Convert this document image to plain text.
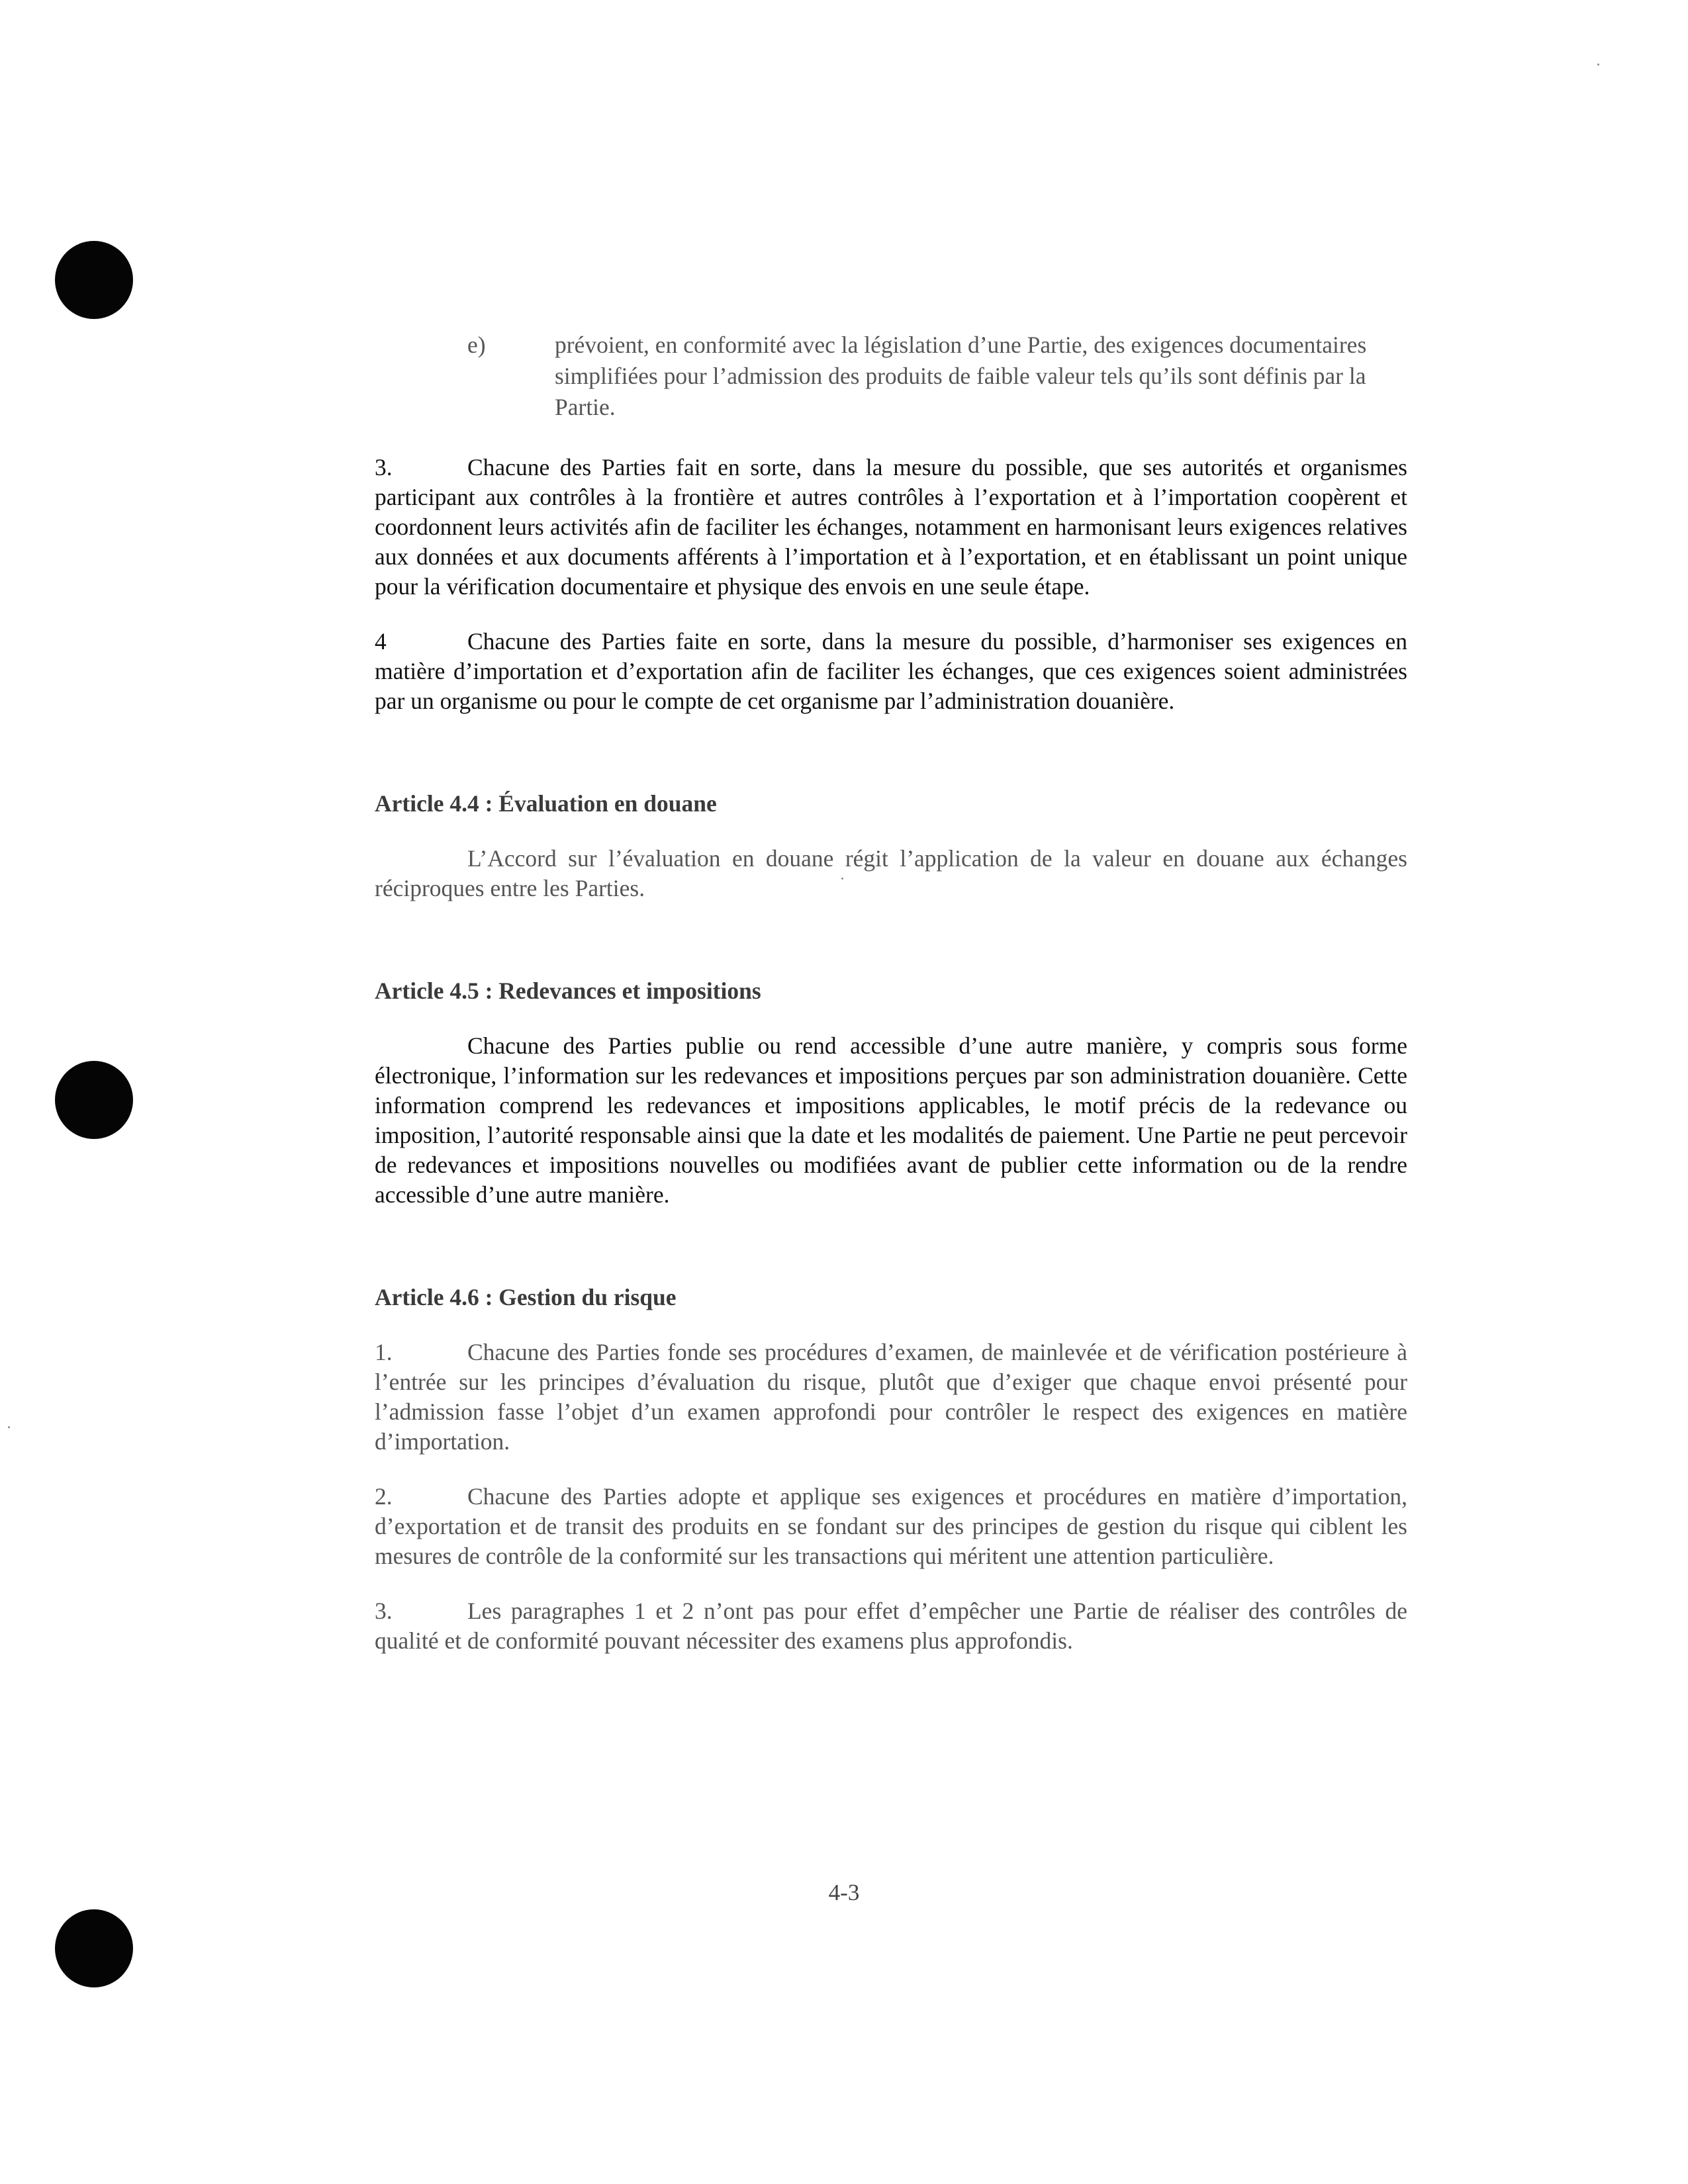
e)	prévoient, en conformité avec la législation d’une Partie, des exigences documentaires simplifiées pour l’admission des produits de faible valeur tels qu’ils sont définis par la Partie.

3.	Chacune des Parties fait en sorte, dans la mesure du possible, que ses autorités et organismes participant aux contrôles à la frontière et autres contrôles à l’exportation et à l’importation coopèrent et coordonnent leurs activités afin de faciliter les échanges, notamment en harmonisant leurs exigences relatives aux données et aux documents afférents à l’importation et à l’exportation, et en établissant un point unique pour la vérification documentaire et physique des envois en une seule étape.

4	Chacune des Parties faite en sorte, dans la mesure du possible, d’harmoniser ses exigences en matière d’importation et d’exportation afin de faciliter les échanges, que ces exigences soient administrées par un organisme ou pour le compte de cet organisme par l’administration douanière.

Article 4.4 : Évaluation en douane

L’Accord sur l’évaluation en douane régit l’application de la valeur en douane aux échanges réciproques entre les Parties.

Article 4.5 : Redevances et impositions

Chacune des Parties publie ou rend accessible d’une autre manière, y compris sous forme électronique, l’information sur les redevances et impositions perçues par son administration douanière. Cette information comprend les redevances et impositions applicables, le motif précis de la redevance ou imposition, l’autorité responsable ainsi que la date et les modalités de paiement. Une Partie ne peut percevoir de redevances et impositions nouvelles ou modifiées avant de publier cette information ou de la rendre accessible d’une autre manière.

Article 4.6 : Gestion du risque

1.	Chacune des Parties fonde ses procédures d’examen, de mainlevée et de vérification postérieure à l’entrée sur les principes d’évaluation du risque, plutôt que d’exiger que chaque envoi présenté pour l’admission fasse l’objet d’un examen approfondi pour contrôler le respect des exigences en matière d’importation.

2.	Chacune des Parties adopte et applique ses exigences et procédures en matière d’importation, d’exportation et de transit des produits en se fondant sur des principes de gestion du risque qui ciblent les mesures de contrôle de la conformité sur les transactions qui méritent une attention particulière.

3.	Les paragraphes 1 et 2 n’ont pas pour effet d’empêcher une Partie de réaliser des contrôles de qualité et de conformité pouvant nécessiter des examens plus approfondis.

4-3
